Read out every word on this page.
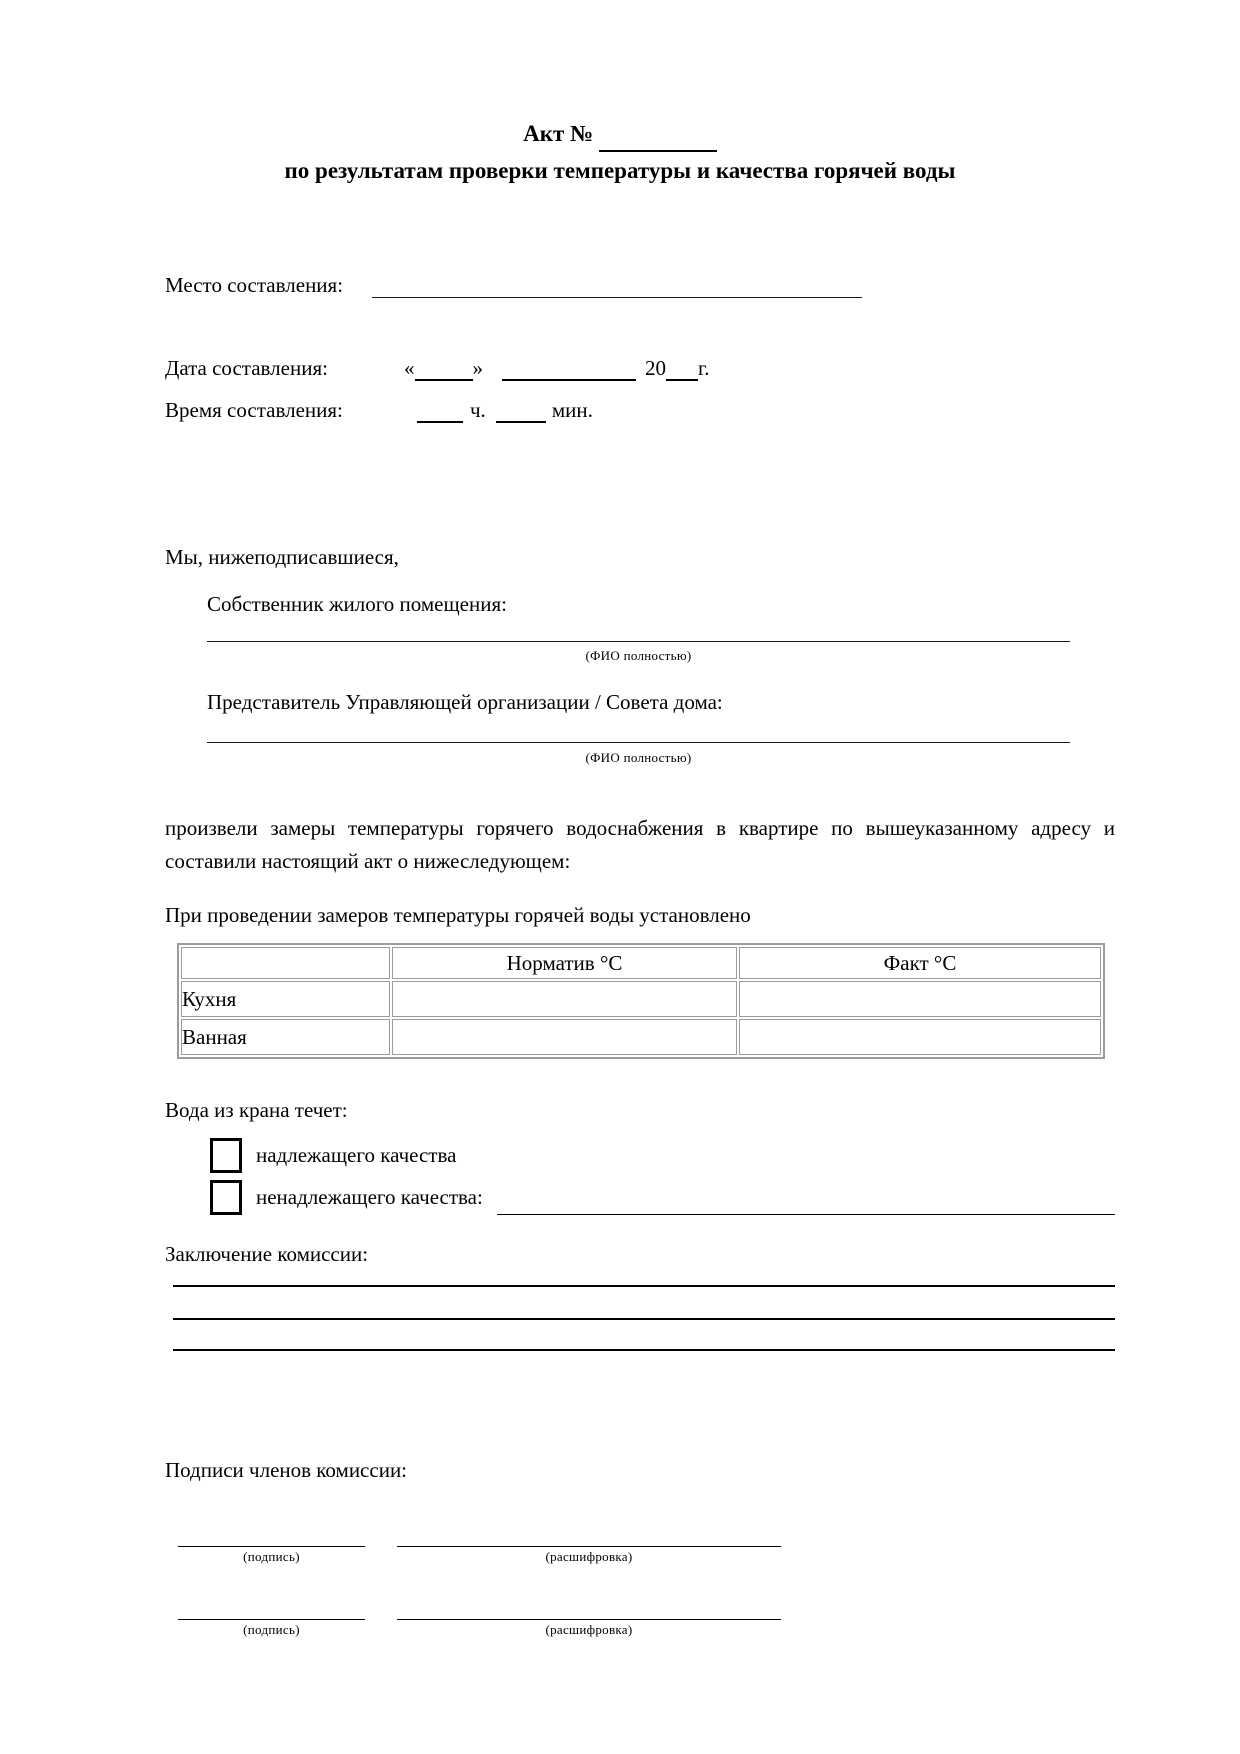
Акт №
по результатам проверки температуры и качества горячей воды
Место составления:
Дата составления:	«	»	20 г.
Время составления:	ч.	мин.
Мы, нижеподписавшиеся,
Собственник жилого помещения:
(ФИО полностью)
Представитель Управляющей организации / Совета дома:
(ФИО полностью)
произвели замеры температуры горячего водоснабжения в квартире по вышеуказанному адресу и составили настоящий акт о нижеследующем:
При проведении замеров температуры горячей воды установлено
	Норматив °С	Факт °С
Кухня		
Ванная		
Вода из крана течет:
надлежащего качества
ненадлежащего качества:
Заключение комиссии:
Подписи членов комиссии:
(подпись)	(расшифровка)
(подпись)	(расшифровка)
